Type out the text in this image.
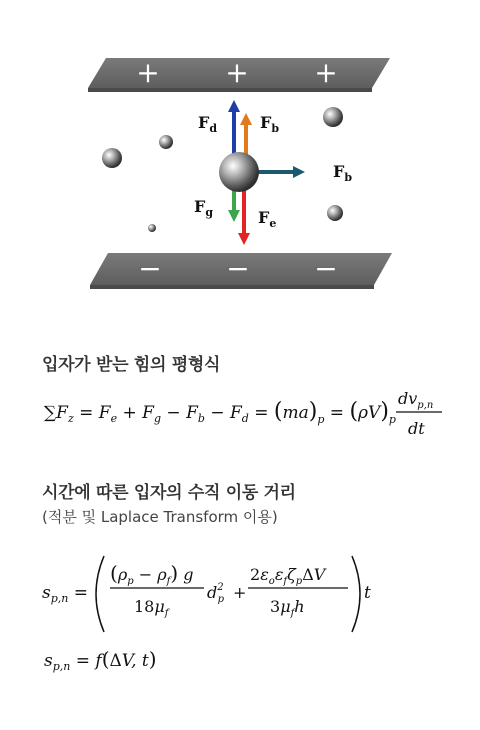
+ + +
− − −
$F_d$	$F_b$
$F_b$
$F_g$	$F_e$
$\sum F_z = F_e + F_g - F_b - F_d = (ma)_p = (\rho V)_p$
$dv_{p,n}$
dt
$s_{p,n}$ =
$(\rho_p - \rho_f)$ g
$18\mu_f$
$d^2$ p +
$2\varepsilon_o\varepsilon_f\zeta_p\Delta V$
$3\mu_fh$
t
$s_{p,n} = f(\Delta V$, t)
입자가 받는 힘의 평형식
시간에 따른 입자의 수직 이동 거리
(적분 및 Laplace Transform 이용)
